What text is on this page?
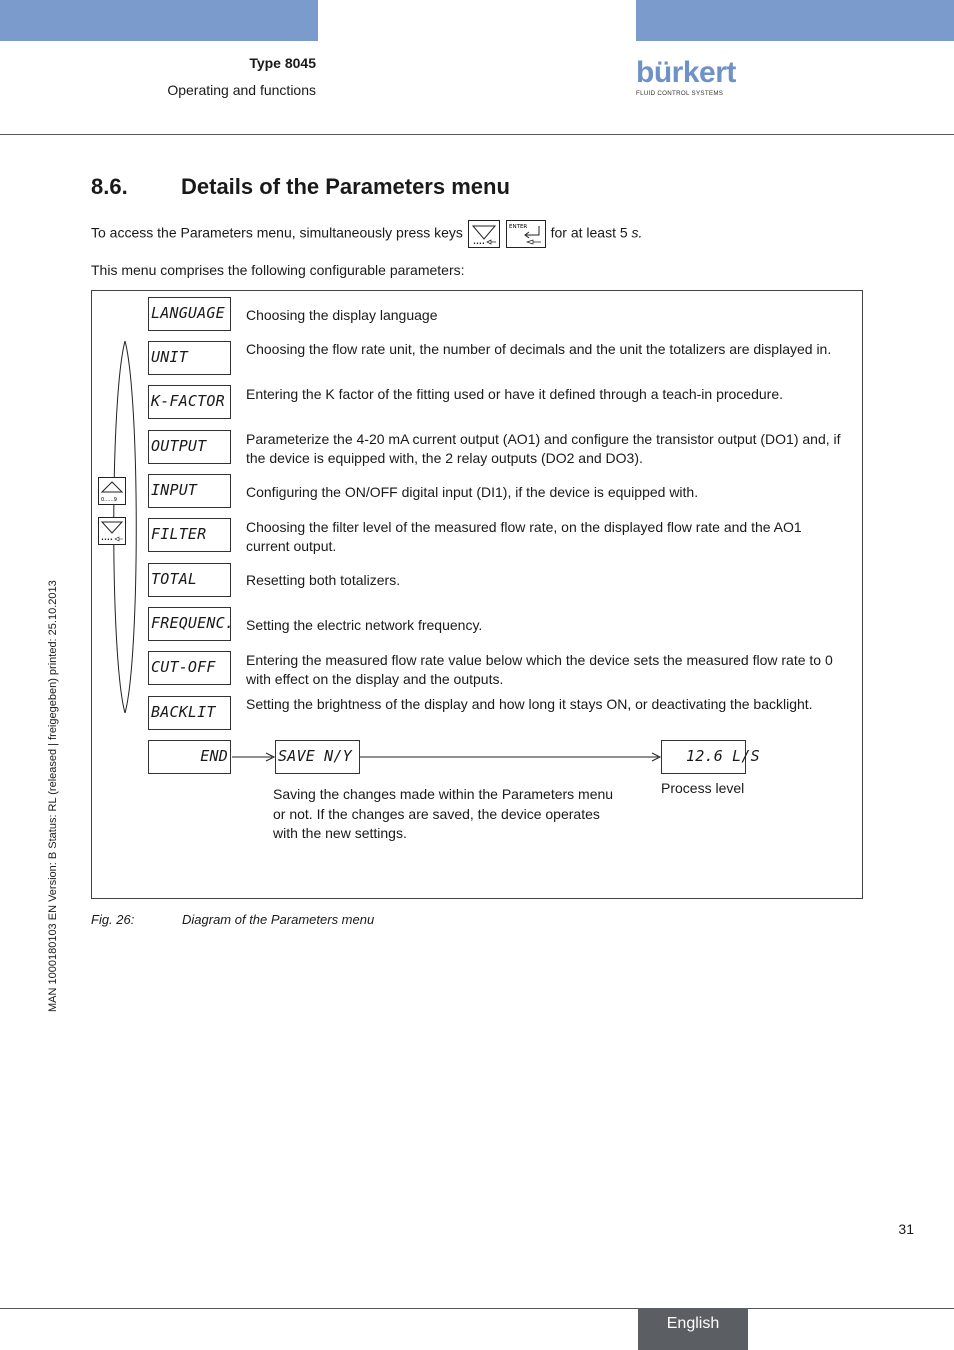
Type 8045
Operating and functions
bürkert
FLUID CONTROL SYSTEMS
8.6. Details of the Parameters menu
To access the Parameters menu, simultaneously press keys
••••

ENTER for at least 5 s.
This menu comprises the following configurable parameters:
0......9
••••
LANGUAGE Choosing the display language
UNIT	Choosing the flow rate unit, the number of decimals and the unit the totalizers are displayed in.
K-FACTOR Entering the K factor of the fitting used or have it defined through a teach-in procedure.
OUTPUT	Parameterize the 4-20 mA current output (AO1) and configure the transistor output (DO1) and, if the device is equipped with, the 2 relay outputs (DO2 and DO3).
INPUT	Configuring the ON/OFF digital input (DI1), if the device is equipped with.
FILTER	Choosing the filter level of the measured flow rate, on the displayed flow rate and the AO1 current output.
TOTAL	Resetting both totalizers.
FREQUENC. Setting the electric network frequency.
CUT-OFF Entering the measured flow rate value below which the device sets the measured flow rate to 0 with effect on the display and the outputs.
BACKLIT Setting the brightness of the display and how long it stays ON, or deactivating the backlight.
END	SAVE N/Y	12.6 L/S
Process level
Saving the changes made within the Parameters menu or not. If the changes are saved, the device operates with the new settings.
Fig. 26:	Diagram of the Parameters menu
MAN 1000180103 EN Version: B Status: RL (released | freigegeben) printed: 25.10.2013
31
English
